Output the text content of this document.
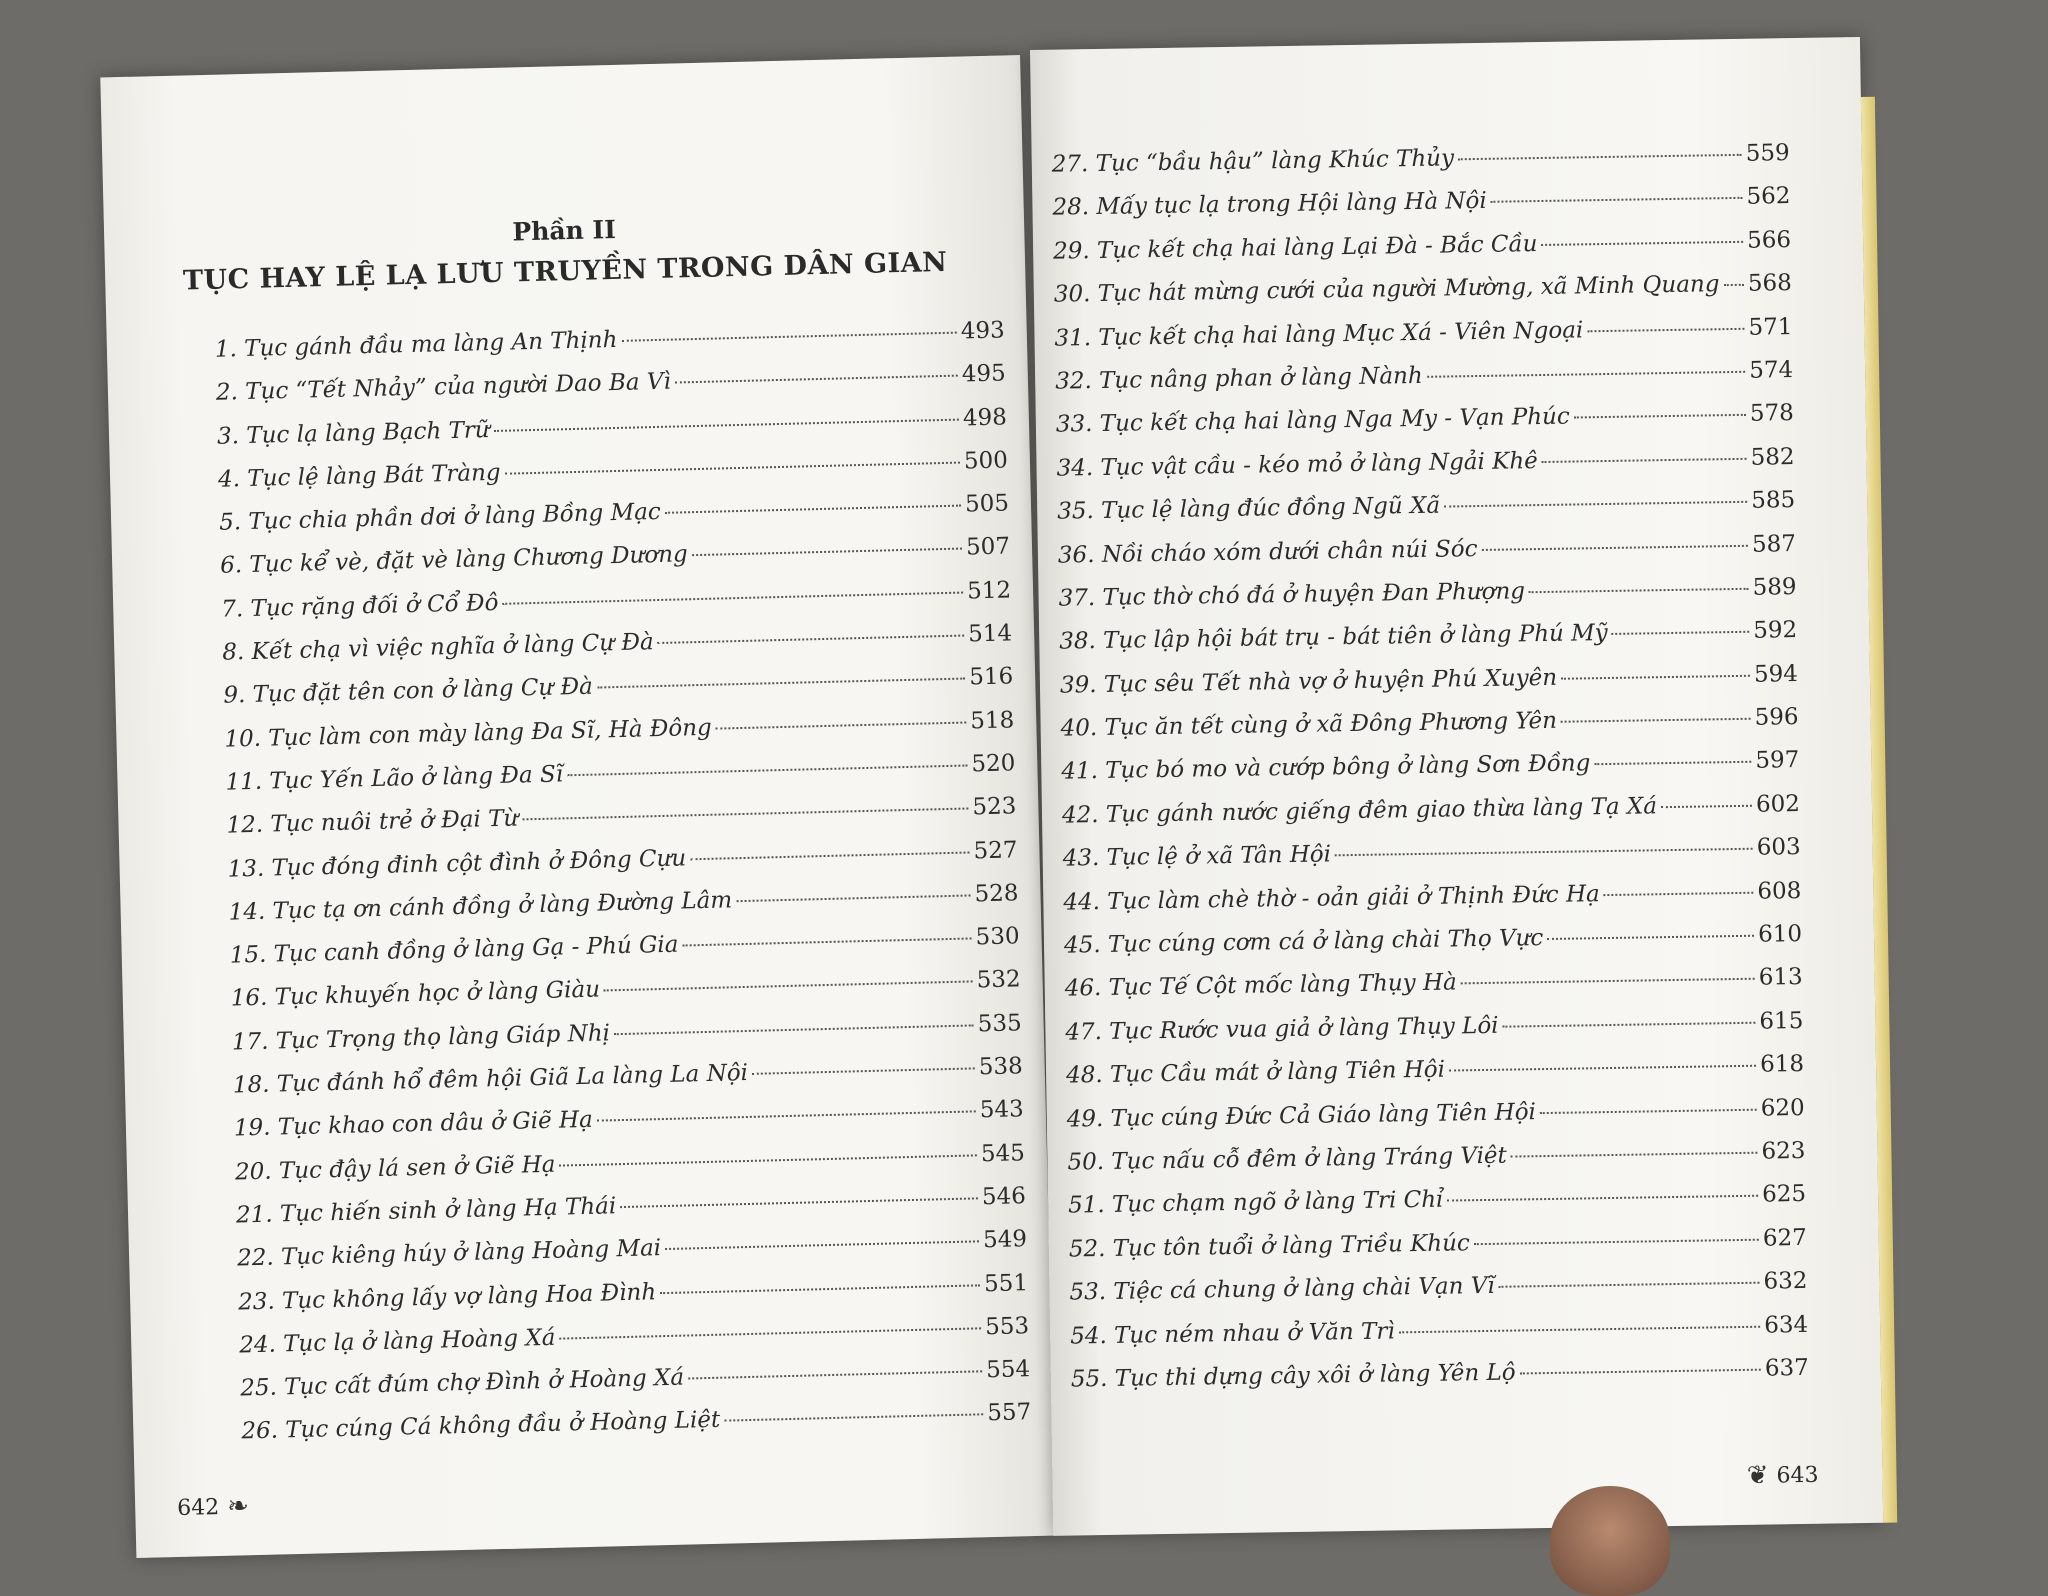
Phần II
TỤC HAY LỆ LẠ LƯU TRUYỀN TRONG DÂN GIAN
1. Tục gánh đầu ma làng An Thịnh	493
2. Tục “Tết Nhảy” của người Dao Ba Vì	495
3. Tục lạ làng Bạch Trữ	498
4. Tục lệ làng Bát Tràng	500
5. Tục chia phần dơi ở làng Bồng Mạc	505
6. Tục kể vè, đặt vè làng Chương Dương	507
7. Tục rặng đối ở Cổ Đô	512
8. Kết chạ vì việc nghĩa ở làng Cự Đà	514
9. Tục đặt tên con ở làng Cự Đà	516
10. Tục làm con mày làng Đa Sĩ, Hà Đông	518
11. Tục Yến Lão ở làng Đa Sĩ	520
12. Tục nuôi trẻ ở Đại Từ	523
13. Tục đóng đinh cột đình ở Đông Cựu	527
14. Tục tạ ơn cánh đồng ở làng Đường Lâm	528
15. Tục canh đồng ở làng Gạ - Phú Gia	530
16. Tục khuyến học ở làng Giàu	532
17. Tục Trọng thọ làng Giáp Nhị	535
18. Tục đánh hổ đêm hội Giã La làng La Nội	538
19. Tục khao con dâu ở Giẽ Hạ	543
20. Tục đậy lá sen ở Giẽ Hạ	545
21. Tục hiến sinh ở làng Hạ Thái	546
22. Tục kiêng húy ở làng Hoàng Mai	549
23. Tục không lấy vợ làng Hoa Đình	551
24. Tục lạ ở làng Hoàng Xá	553
25. Tục cất đúm chợ Đình ở Hoàng Xá	554
26. Tục cúng Cá không đầu ở Hoàng Liệt	557
642 ❧
27. Tục “bầu hậu” làng Khúc Thủy	559
28. Mấy tục lạ trong Hội làng Hà Nội	562
29. Tục kết chạ hai làng Lại Đà - Bắc Cầu	566
30. Tục hát mừng cưới của người Mường, xã Minh Quang 568
31. Tục kết chạ hai làng Mục Xá - Viên Ngoại	571
32. Tục nâng phan ở làng Nành	574
33. Tục kết chạ hai làng Nga My - Vạn Phúc	578
34. Tục vật cầu - kéo mỏ ở làng Ngải Khê	582
35. Tục lệ làng đúc đồng Ngũ Xã	585
36. Nồi cháo xóm dưới chân núi Sóc	587
37. Tục thờ chó đá ở huyện Đan Phượng	589
38. Tục lập hội bát trụ - bát tiên ở làng Phú Mỹ	592
39. Tục sêu Tết nhà vợ ở huyện Phú Xuyên	594
40. Tục ăn tết cùng ở xã Đông Phương Yên	596
41. Tục bó mo và cướp bông ở làng Sơn Đồng	597
42. Tục gánh nước giếng đêm giao thừa làng Tạ Xá	602
43. Tục lệ ở xã Tân Hội	603
44. Tục làm chè thờ - oản giải ở Thịnh Đức Hạ	608
45. Tục cúng cơm cá ở làng chài Thọ Vực	610
46. Tục Tế Cột mốc làng Thụy Hà	613
47. Tục Rước vua giả ở làng Thụy Lôi	615
48. Tục Cầu mát ở làng Tiên Hội	618
49. Tục cúng Đức Cả Giáo làng Tiên Hội	620
50. Tục nấu cỗ đêm ở làng Tráng Việt	623
51. Tục chạm ngõ ở làng Tri Chỉ	625
52. Tục tôn tuổi ở làng Triều Khúc	627
53. Tiệc cá chung ở làng chài Vạn Vĩ	632
54. Tục ném nhau ở Văn Trì	634
55. Tục thi dựng cây xôi ở làng Yên Lộ	637
❦ 643
